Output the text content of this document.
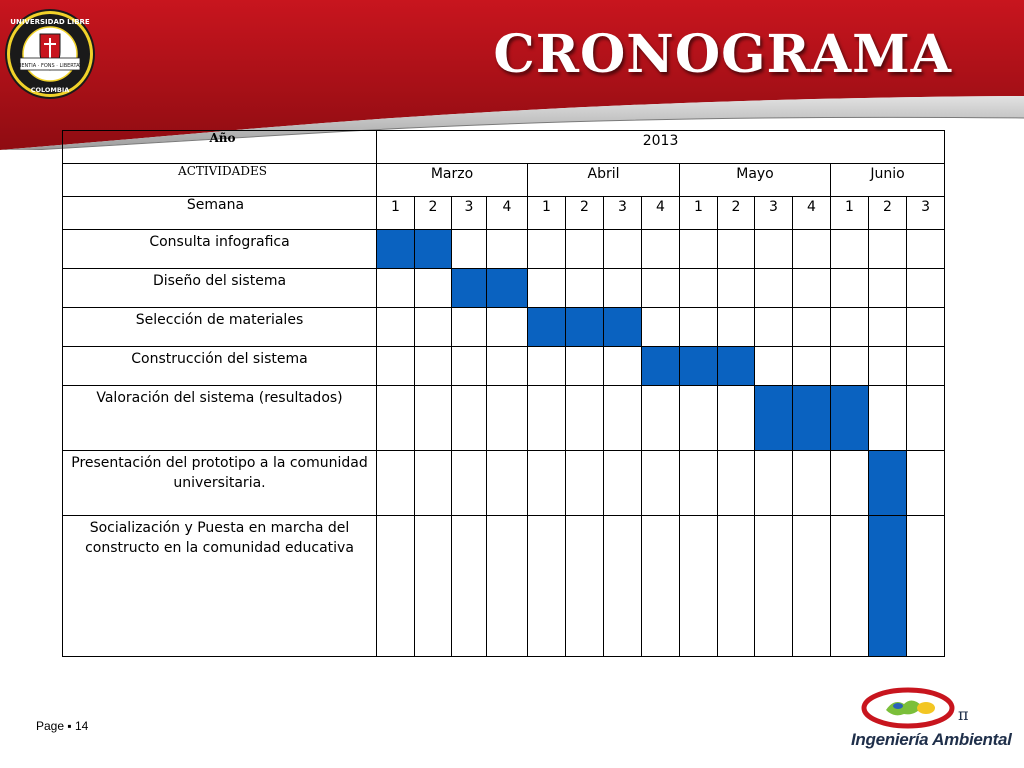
SCIENTIA · FONS · LIBERTATIS
UNIVERSIDAD LIBRE
COLOMBIA
CRONOGRAMA
Año	2013														
ACTIVIDADES	Marzo				Abril				Mayo				Junio		
Semana	1	2	3	4	1	2	3	4	1	2	3	4	1	2	3
Consulta infografica															
Diseño del sistema															
Selección de materiales															
Construcción del sistema															
Valoración del sistema (resultados)															
Presentación del prototipo a la comunidad universitaria.															
Socialización y Puesta en marcha del constructo en la comunidad educativa															
Page ▪ 14
π
Ingeniería Ambiental
